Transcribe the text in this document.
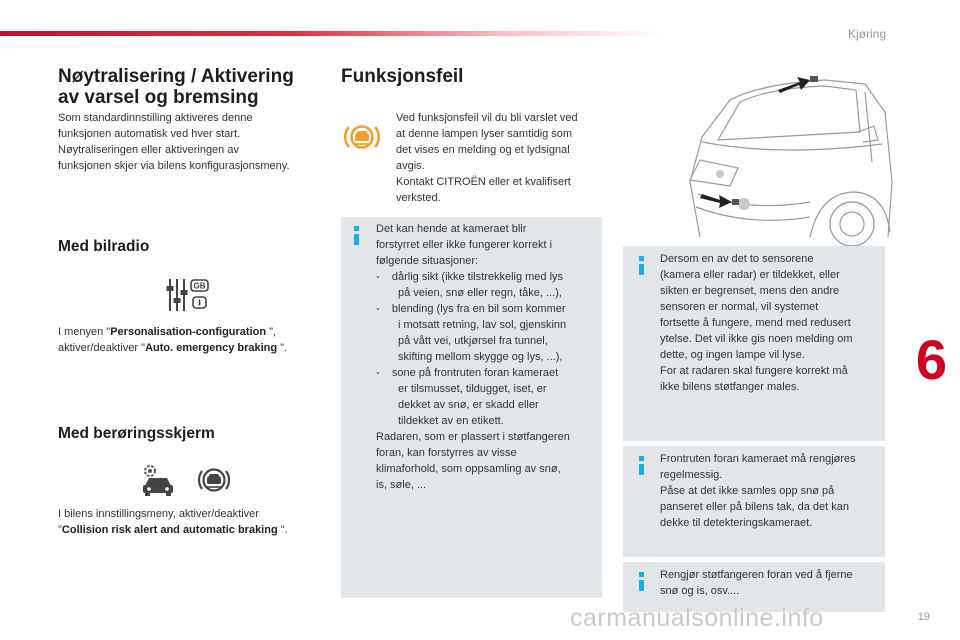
Kjøring
Nøytralisering / Aktivering
av varsel og bremsing
Som standardinnstilling aktiveres denne
funksjonen automatisk ved hver start.
Nøytraliseringen eller aktiveringen av
funksjonen skjer via bilens konfigurasjonsmeny.
Med bilradio
GB
I menyen "Personalisation-configuration ",
aktiver/deaktiver "Auto. emergency braking ".
Med berøringsskjerm
I bilens innstillingsmeny, aktiver/deaktiver
"Collision risk alert and automatic braking ".
Funksjonsfeil
Ved funksjonsfeil vil du bli varslet ved
at denne lampen lyser samtidig som
det vises en melding og et lydsignal
avgis.
Kontakt CITROËN eller et kvalifisert
verksted.
Det kan hende at kameraet blir
forstyrret eller ikke fungerer korrekt i
følgende situasjoner:
-    dårlig sikt (ikke tilstrekkelig med lys
på veien, snø eller regn, tåke, ...),
-    blending (lys fra en bil som kommer
i motsatt retning, lav sol, gjenskinn
på vått vei, utkjørsel fra tunnel,
skifting mellom skygge og lys, ...),
-    sone på frontruten foran kameraet
er tilsmusset, tildugget, iset, er
dekket av snø, er skadd eller
tildekket av en etikett.
Radaren, som er plassert i støtfangeren
foran, kan forstyrres av visse
klimaforhold, som oppsamling av snø,
is, søle, ...
Dersom en av det to sensorene
(kamera eller radar) er tildekket, eller
sikten er begrenset, mens den andre
sensoren er normal, vil systemet
fortsette å fungere, mend med redusert
ytelse. Det vil ikke gis noen melding om
dette, og ingen lampe vil lyse.
For at radaren skal fungere korrekt må
ikke bilens støtfanger males.
Frontruten foran kameraet må rengjøres
regelmessig.
Påse at det ikke samles opp snø på
panseret eller på bilens tak, da det kan
dekke til detekteringskameraet.
Rengjør støtfangeren foran ved å fjerne
snø og is, osv....
6
carmanualsonline.info	19
